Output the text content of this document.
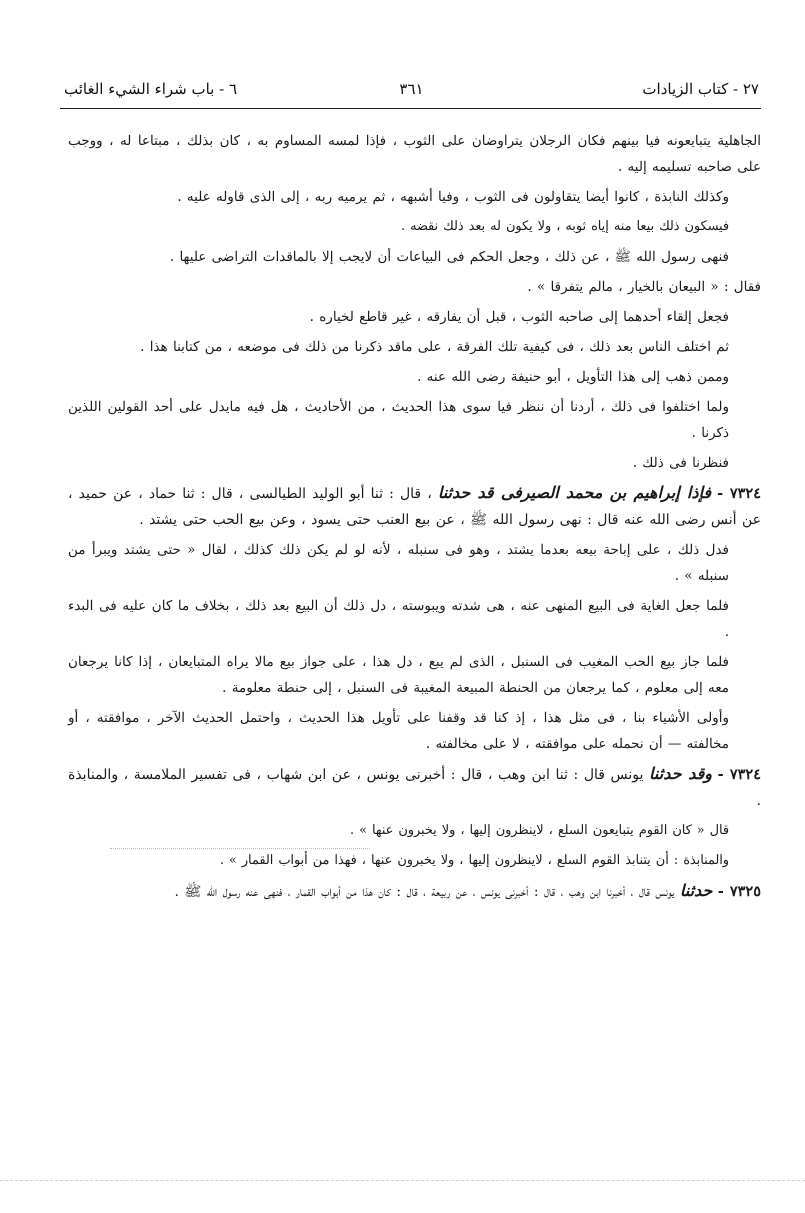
٢٧ - كتاب الزيادات
٣٦١
٦ - باب شراء الشيء الغائب

الجاهلية يتبايعونه فيا بينهم فكان الرجلان يتراوضان على الثوب ، فإذا لمسه المساوم به ، كان بذلك ، مبتاعا له ، ووجب على صاحبه تسليمه إليه .

وكذلك النابذة ، كانوا أيضا يتقاولون فى الثوب ، وفيا أشبهه ، ثم يرميه ربه ، إلى الذى قاوله عليه .

فيسكون ذلك بيعا منه إياه ثوبه ، ولا يكون له بعد ذلك نقضه .

فنهى رسول الله ﷺ ، عن ذلك ، وجعل الحكم فى البياعات أن لايجب إلا بالماقدات التراضى عليها .

فقال : « البيعان بالخيار ، مالم يتفرقا » .

فجعل إلقاء أحدهما إلى صاحبه الثوب ، قبل أن يفارقه ، غير قاطع لخياره .

ثم اختلف الناس بعد ذلك ، فى كيفية تلك الفرقة ، على ماقد ذكرنا من ذلك فى موضعه ، من كتابنا هذا .

وممن ذهب إلى هذا التأويل ، أبو حنيفة رضى الله عنه .

ولما اختلفوا فى ذلك ، أردنا أن ننظر فيا سوى هذا الحديث ، من الأحاديث ، هل فيه مايدل على أحد القولين اللذين ذكرنا .

فنظرنا فى ذلك .

٧٣٢٤ - فإذا إبراهيم بن محمد الصيرفى قد حدثنا ، قال : ثنا أبو الوليد الطيالسى ، قال : ثنا حماد ، عن حميد ، عن أنس رضى الله عنه قال : نهى رسول الله ﷺ ، عن بيع العنب حتى يسود ، وعن بيع الحب حتى يشتد .

فدل ذلك ، على إباحة بيعه بعدما يشتد ، وهو فى سنبله ، لأنه لو لم يكن ذلك كذلك ، لقال « حتى يشتد ويبرأ من سنبله » .

فلما جعل الغاية فى البيع المنهى عنه ، هى شدته ويبوسته ، دل ذلك أن البيع بعد ذلك ، بخلاف ما كان عليه فى البدء .

فلما جاز بيع الحب المغيب فى السنبل ، الذى لم يبع ، دل هذا ، على جواز بيع مالا يراه المتبايعان ، إذا كانا يرجعان معه إلى معلوم ، كما يرجعان من الحنطة المبيعة المغيبة فى السنبل ، إلى حنطة معلومة .

وأولى الأشياء بنا ، فى مثل هذا ، إذ كنا قد وقفنا على تأويل هذا الحديث ، واحتمل الحديث الآخر ، موافقته ، أو مخالفته — أن نحمله على موافقته ، لا على مخالفته .

٧٣٢٤ - وقد حدثنا يونس قال : ثنا ابن وهب ، قال : أخبرنى يونس ، عن ابن شهاب ، فى تفسير الملامسة ، والمنابذة .

قال « كان القوم يتبايعون السلع ، لاينظرون إليها ، ولا يخبرون عنها » .

والمنابذة : أن يتنابذ القوم السلع ، لاينظرون إليها ، ولا يخبرون عنها ، فهذا من أبواب القمار » .

٧٣٢٥ - حدثنا يونس قال ، أخبرنا ابن وهب ، قال : أخبرنى يونس ، عن ربيعة ، قال : كان هذا من أبواب القمار ، فنهى عنه رسول الله ﷺ .
